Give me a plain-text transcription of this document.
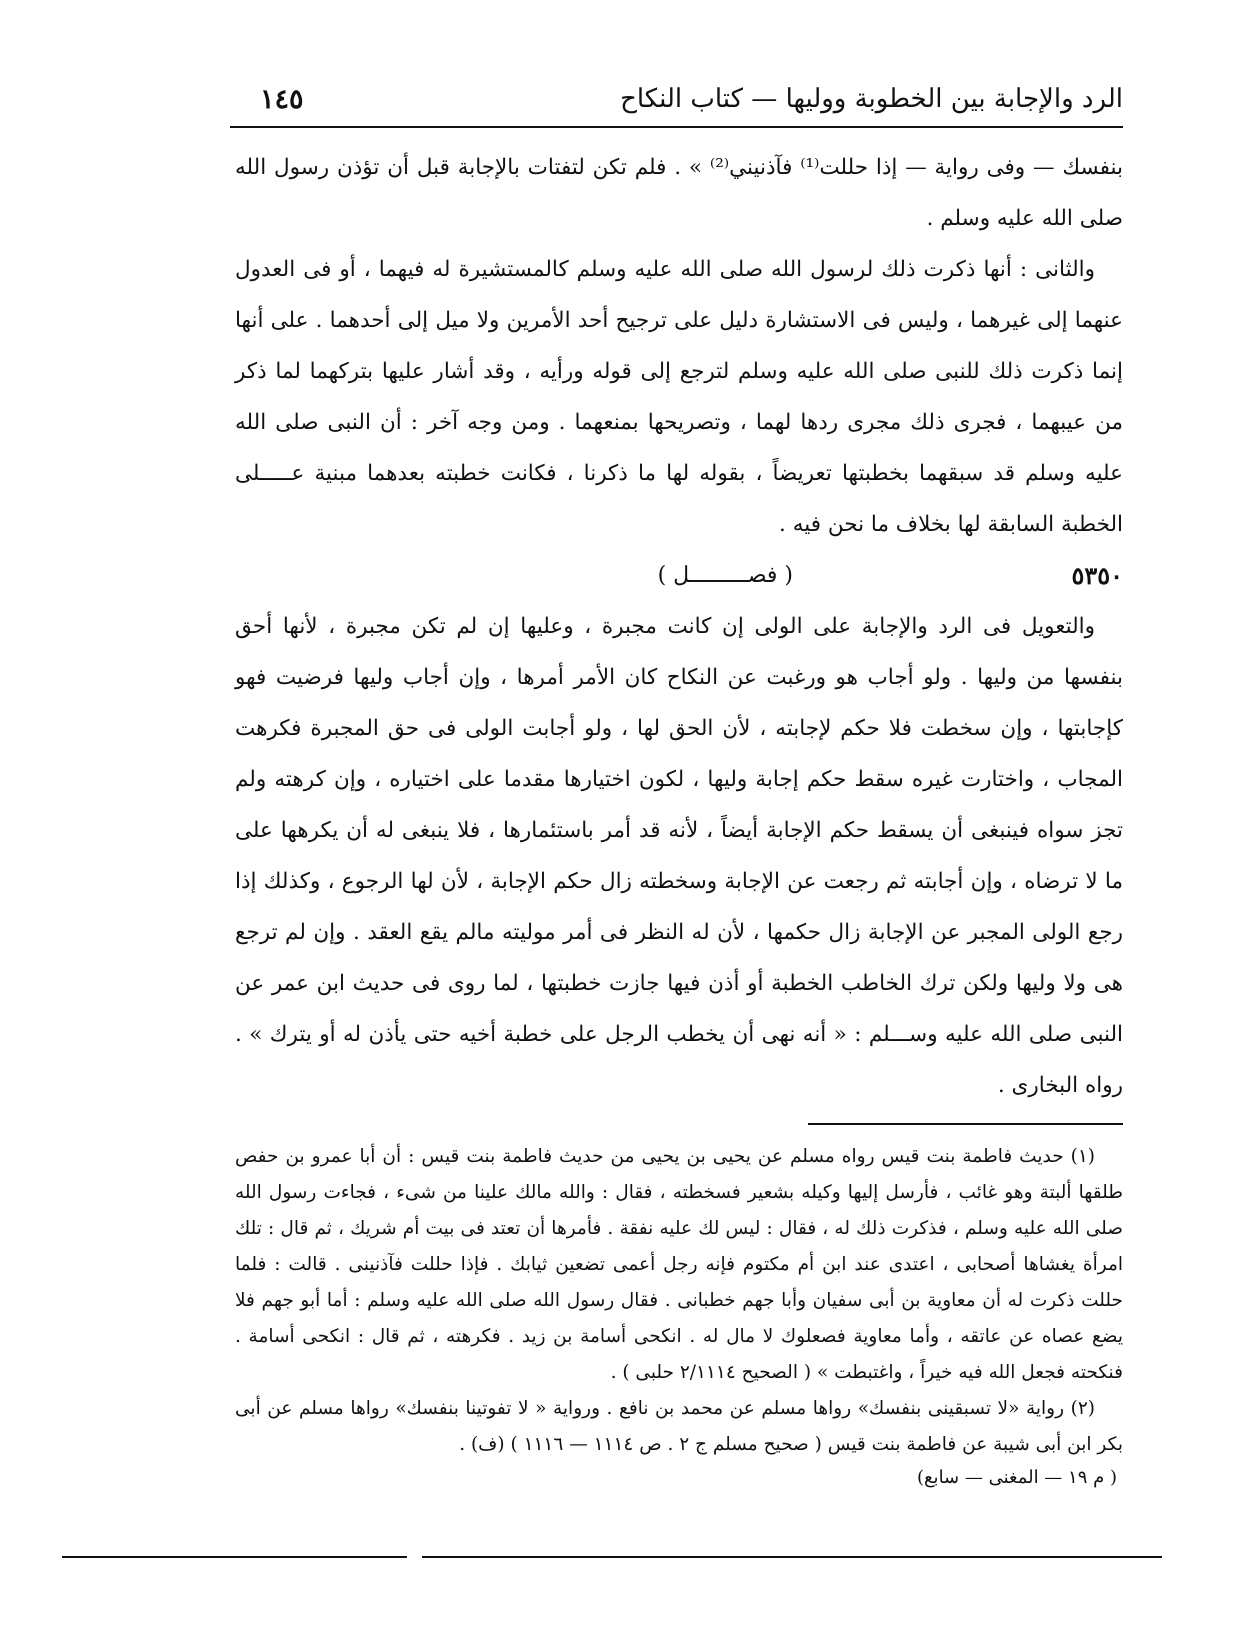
الرد والإجابة بين الخطوبة ووليها — كتاب النكاح
١٤٥

بنفسك — وفى رواية — إذا حللت⁽¹⁾ فآذنيني⁽²⁾ » . فلم تكن لتفتات بالإجابة قبل أن تؤذن رسول الله صلى الله عليه وسلم .

والثانى : أنها ذكرت ذلك لرسول الله صلى الله عليه وسلم كالمستشيرة له فيهما ، أو فى العدول عنهما إلى غيرهما ، وليس فى الاستشارة دليل على ترجيح أحد الأمرين ولا ميل إلى أحدهما . على أنها إنما ذكرت ذلك للنبى صلى الله عليه وسلم لترجع إلى قوله ورأيه ، وقد أشار عليها بتركهما لما ذكر من عيبهما ، فجرى ذلك مجرى ردها لهما ، وتصريحها بمنعهما . ومن وجه آخر : أن النبى صلى الله عليه وسلم قد سبقهما بخطبتها تعريضاً ، بقوله لها ما ذكرنا ، فكانت خطبته بعدهما مبنية عـــــلى الخطبة السابقة لها بخلاف ما نحن فيه .

٥٣٥٠
( فصـــــــــل )

والتعويل فى الرد والإجابة على الولى إن كانت مجبرة ، وعليها إن لم تكن مجبرة ، لأنها أحق بنفسها من وليها . ولو أجاب هو ورغبت عن النكاح كان الأمر أمرها ، وإن أجاب وليها فرضيت فهو كإجابتها ، وإن سخطت فلا حكم لإجابته ، لأن الحق لها ، ولو أجابت الولى فى حق المجبرة فكرهت المجاب ، واختارت غيره سقط حكم إجابة وليها ، لكون اختيارها مقدما على اختياره ، وإن كرهته ولم تجز سواه فينبغى أن يسقط حكم الإجابة أيضاً ، لأنه قد أمر باستئمارها ، فلا ينبغى له أن يكرهها على ما لا ترضاه ، وإن أجابته ثم رجعت عن الإجابة وسخطته زال حكم الإجابة ، لأن لها الرجوع ، وكذلك إذا رجع الولى المجبر عن الإجابة زال حكمها ، لأن له النظر فى أمر موليته مالم يقع العقد . وإن لم ترجع هى ولا وليها ولكن ترك الخاطب الخطبة أو أذن فيها جازت خطبتها ، لما روى فى حديث ابن عمر عن النبى صلى الله عليه وســـلم : « أنه نهى أن يخطب الرجل على خطبة أخيه حتى يأذن له أو يترك » . رواه البخارى .

(١) حديث فاطمة بنت قيس رواه مسلم عن يحيى بن يحيى من حديث فاطمة بنت قيس : أن أبا عمرو بن حفص طلقها ألبتة وهو غائب ، فأرسل إليها وكيله بشعير فسخطته ، فقال : والله مالك علينا من شىء ، فجاءت رسول الله صلى الله عليه وسلم ، فذكرت ذلك له ، فقال : ليس لك عليه نفقة . فأمرها أن تعتد فى بيت أم شريك ، ثم قال : تلك امرأة يغشاها أصحابى ، اعتدى عند ابن أم مكتوم فإنه رجل أعمى تضعين ثيابك . فإذا حللت فآذنينى . قالت : فلما حللت ذكرت له أن معاوية بن أبى سفيان وأبا جهم خطبانى . فقال رسول الله صلى الله عليه وسلم : أما أبو جهم فلا يضع عصاه عن عاتقه ، وأما معاوية فصعلوك لا مال له . انكحى أسامة بن زيد . فكرهته ، ثم قال : انكحى أسامة . فنكحته فجعل الله فيه خيراً ، واغتبطت » ( الصحيح ٢/١١١٤ حلبى ) .

(٢) رواية «لا تسبقينى بنفسك» رواها مسلم عن محمد بن نافع . ورواية « لا تفوتينا بنفسك» رواها مسلم عن أبى بكر ابن أبى شيبة عن فاطمة بنت قيس ( صحيح مسلم ج ٢ . ص ١١١٤ — ١١١٦ ) (ف) .

( م ١٩ — المغنى — سابع)
